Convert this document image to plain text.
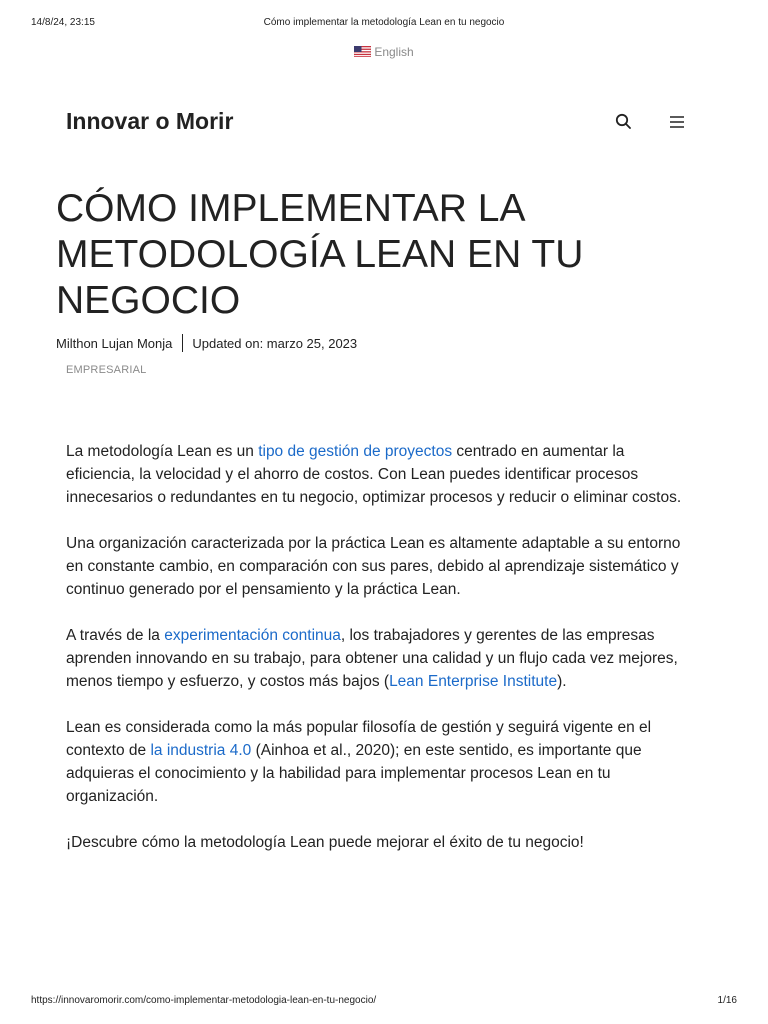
14/8/24, 23:15	Cómo implementar la metodología Lean en tu negocio
English
Innovar o Morir
CÓMO IMPLEMENTAR LA METODOLOGÍA LEAN EN TU NEGOCIO
Milthon Lujan Monja Updated on: marzo 25, 2023
EMPRESARIAL

La metodología Lean es un tipo de gestión de proyectos centrado en aumentar la eficiencia, la velocidad y el ahorro de costos. Con Lean puedes identificar procesos innecesarios o redundantes en tu negocio, optimizar procesos y reducir o eliminar costos.

Una organización caracterizada por la práctica Lean es altamente adaptable a su entorno en constante cambio, en comparación con sus pares, debido al aprendizaje sistemático y continuo generado por el pensamiento y la práctica Lean.

A través de la experimentación continua, los trabajadores y gerentes de las empresas aprenden innovando en su trabajo, para obtener una calidad y un flujo cada vez mejores, menos tiempo y esfuerzo, y costos más bajos (Lean Enterprise Institute).

Lean es considerada como la más popular filosofía de gestión y seguirá vigente en el contexto de la industria 4.0 (Ainhoa et al., 2020); en este sentido, es importante que adquieras el conocimiento y la habilidad para implementar procesos Lean en tu organización.

¡Descubre cómo la metodología Lean puede mejorar el éxito de tu negocio!

https://innovaromorir.com/como-implementar-metodologia-lean-en-tu-negocio/	1/16
